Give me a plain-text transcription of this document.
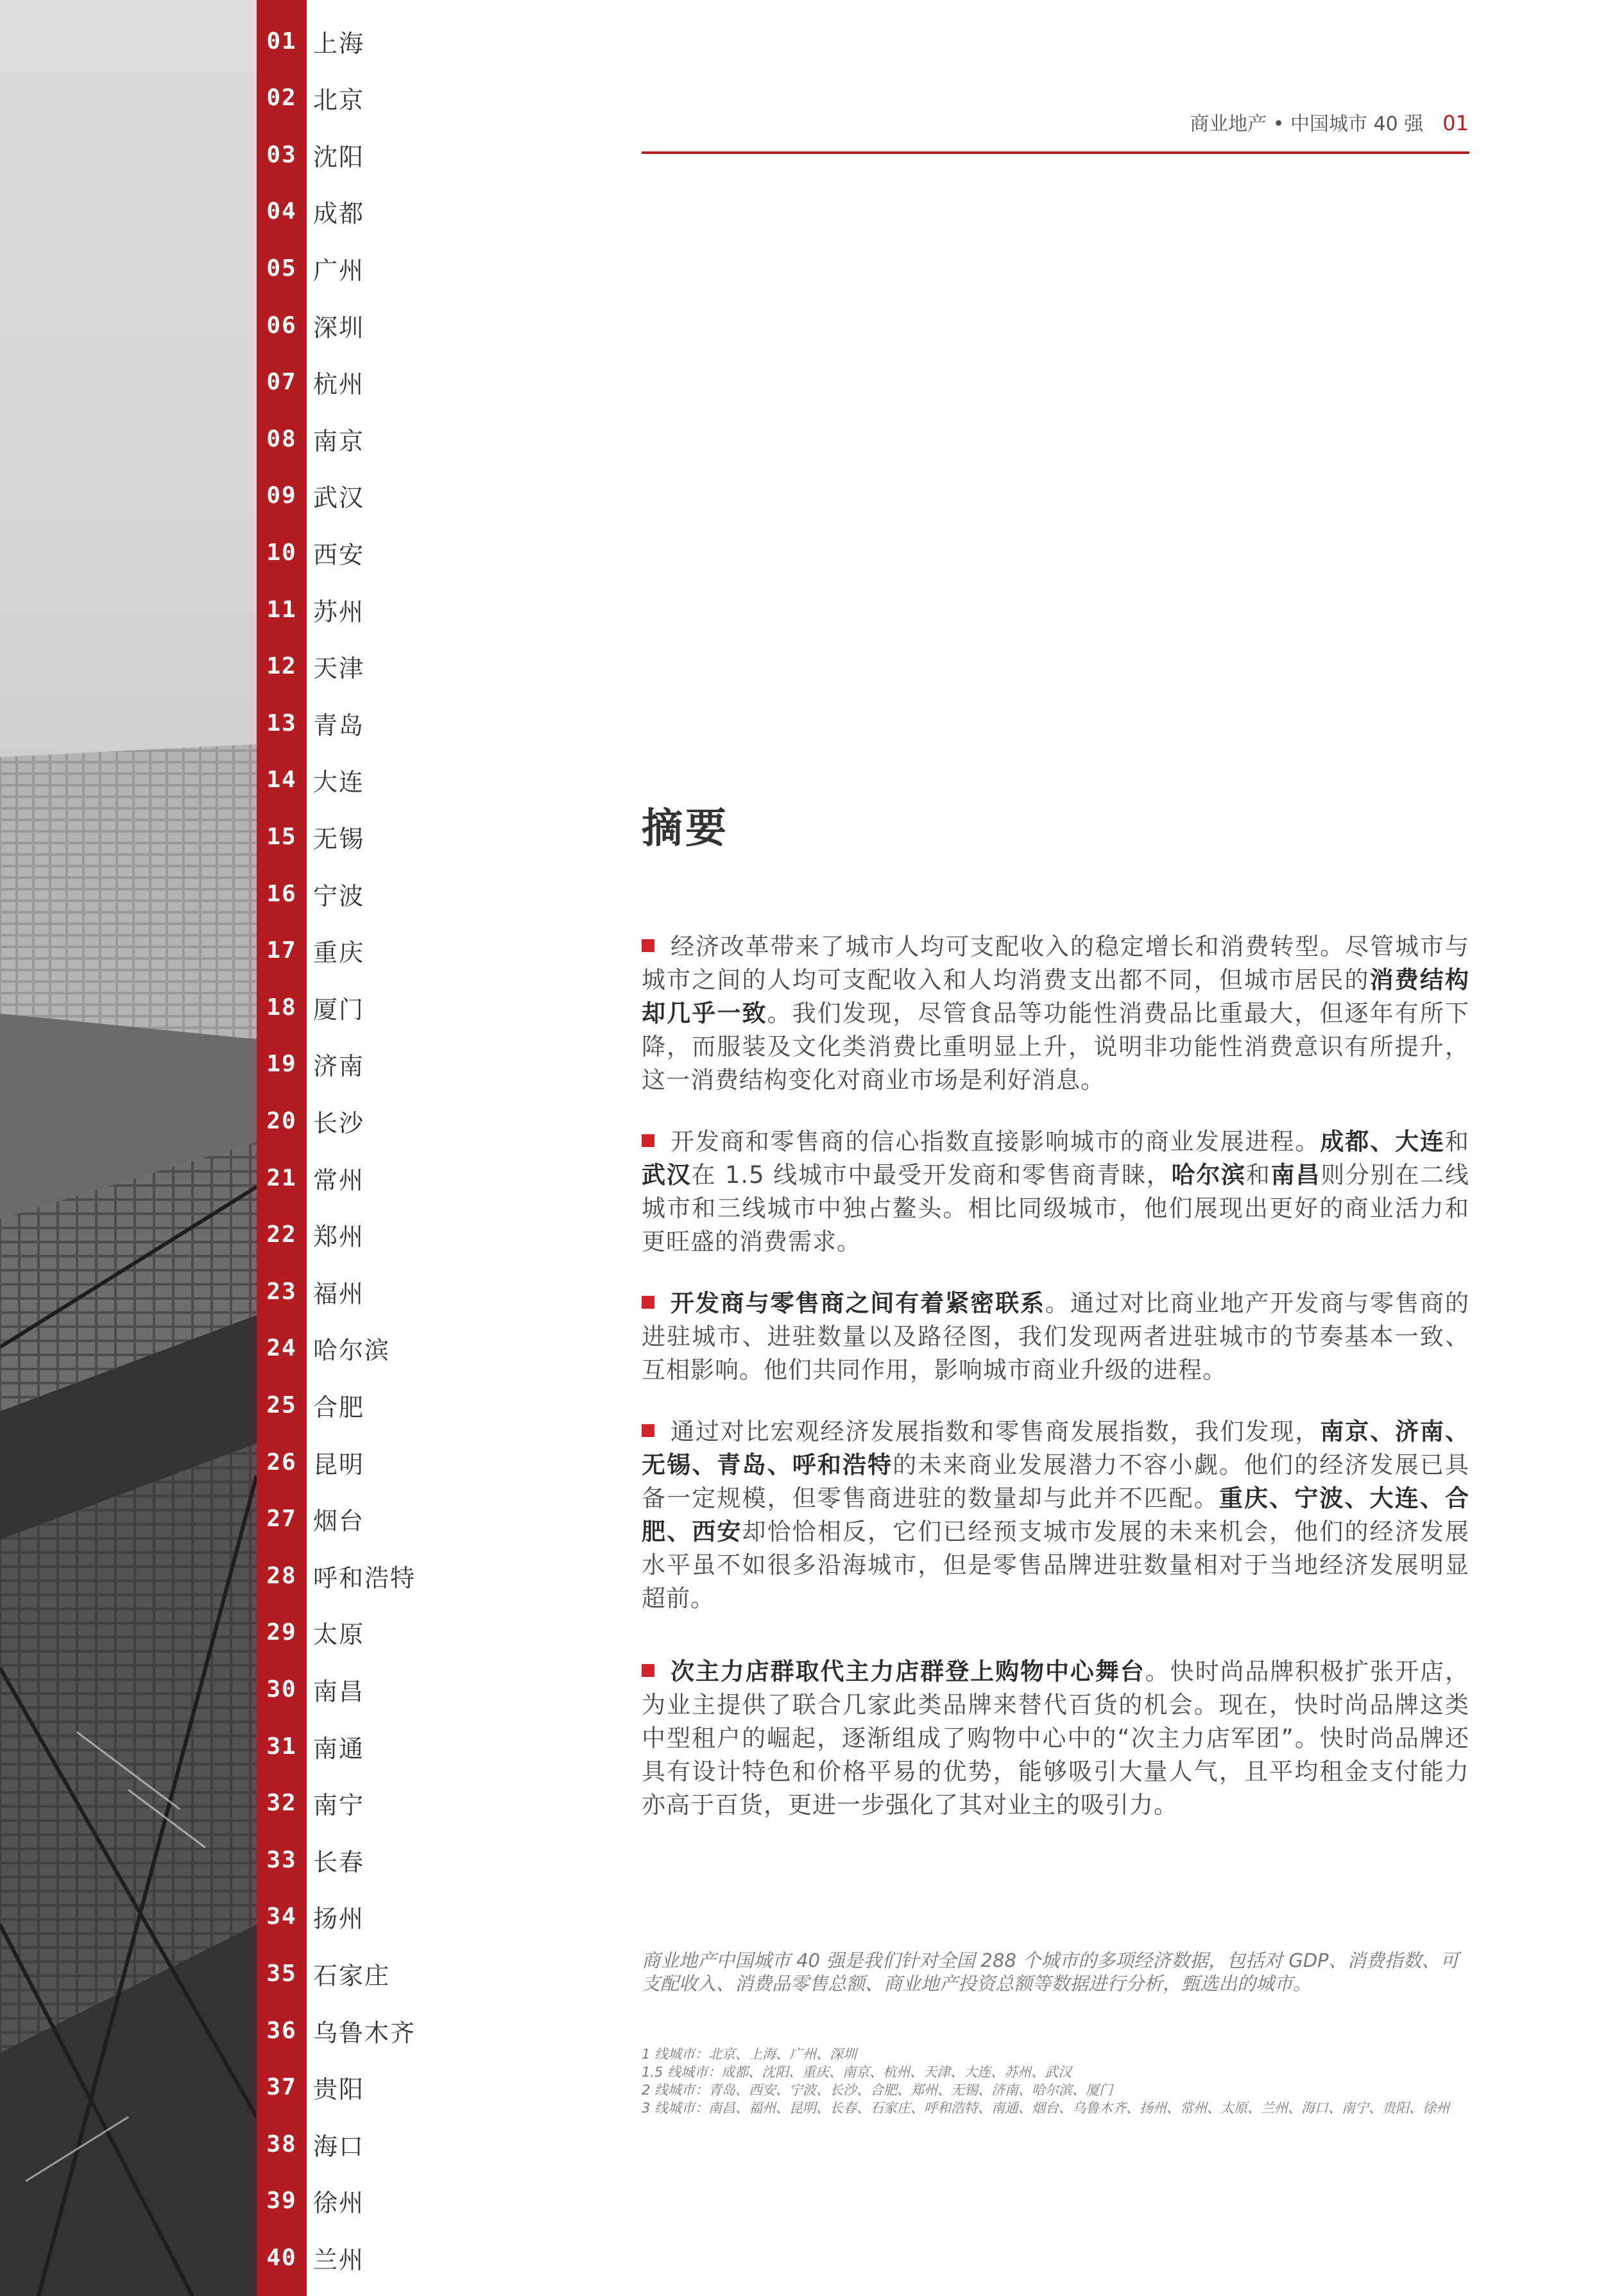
01 上海
02 北京
03 沈阳
04 成都
05 广州
06 深圳
07 杭州
08 南京
09 武汉
10 西安
11 苏州
12 天津
13 青岛
14 大连
15 无锡
16 宁波
17 重庆
18 厦门
19 济南
20 长沙
21 常州
22 郑州
23 福州
24 哈尔滨
25 合肥
26 昆明
27 烟台
28 呼和浩特
29 太原
30 南昌
31 南通
32 南宁
33 长春
34 扬州
35 石家庄
36 乌鲁木齐
37 贵阳
38 海口
39 徐州
40 兰州
商业地产 • 中国城市 40 强 01
摘要

经济改革带来了城市人均可支配收入的稳定增长和消费转型。尽管城市与城市之间的人均可支配收入和人均消费支出都不同，但城市居民的消费结构却几乎一致。我们发现，尽管食品等功能性消费品比重最大，但逐年有所下降，而服装及文化类消费比重明显上升，说明非功能性消费意识有所提升，这一消费结构变化对商业市场是利好消息。

开发商和零售商的信心指数直接影响城市的商业发展进程。成都、大连和武汉在 1.5 线城市中最受开发商和零售商青睐，哈尔滨和南昌则分别在二线城市和三线城市中独占鳌头。相比同级城市，他们展现出更好的商业活力和更旺盛的消费需求。

开发商与零售商之间有着紧密联系。通过对比商业地产开发商与零售商的进驻城市、进驻数量以及路径图，我们发现两者进驻城市的节奏基本一致、互相影响。他们共同作用，影响城市商业升级的进程。

通过对比宏观经济发展指数和零售商发展指数，我们发现，南京、济南、无锡、青岛、呼和浩特的未来商业发展潜力不容小觑。他们的经济发展已具备一定规模，但零售商进驻的数量却与此并不匹配。重庆、宁波、大连、合肥、西安却恰恰相反，它们已经预支城市发展的未来机会，他们的经济发展水平虽不如很多沿海城市，但是零售品牌进驻数量相对于当地经济发展明显超前。

次主力店群取代主力店群登上购物中心舞台。快时尚品牌积极扩张开店，为业主提供了联合几家此类品牌来替代百货的机会。现在，快时尚品牌这类中型租户的崛起，逐渐组成了购物中心中的“次主力店军团”。快时尚品牌还具有设计特色和价格平易的优势，能够吸引大量人气，且平均租金支付能力亦高于百货，更进一步强化了其对业主的吸引力。

商业地产中国城市 40 强是我们针对全国 288 个城市的多项经济数据，包括对 GDP、消费指数、可支配收入、消费品零售总额、商业地产投资总额等数据进行分析，甄选出的城市。

1 线城市：北京、上海、广州、深圳
1.5 线城市：成都、沈阳、重庆、南京、杭州、天津、大连、苏州、武汉
2 线城市：青岛、西安、宁波、长沙、合肥、郑州、无锡、济南、哈尔滨、厦门
3 线城市：南昌、福州、昆明、长春、石家庄、呼和浩特、南通、烟台、乌鲁木齐、扬州、常州、太原、兰州、海口、南宁、贵阳、徐州
